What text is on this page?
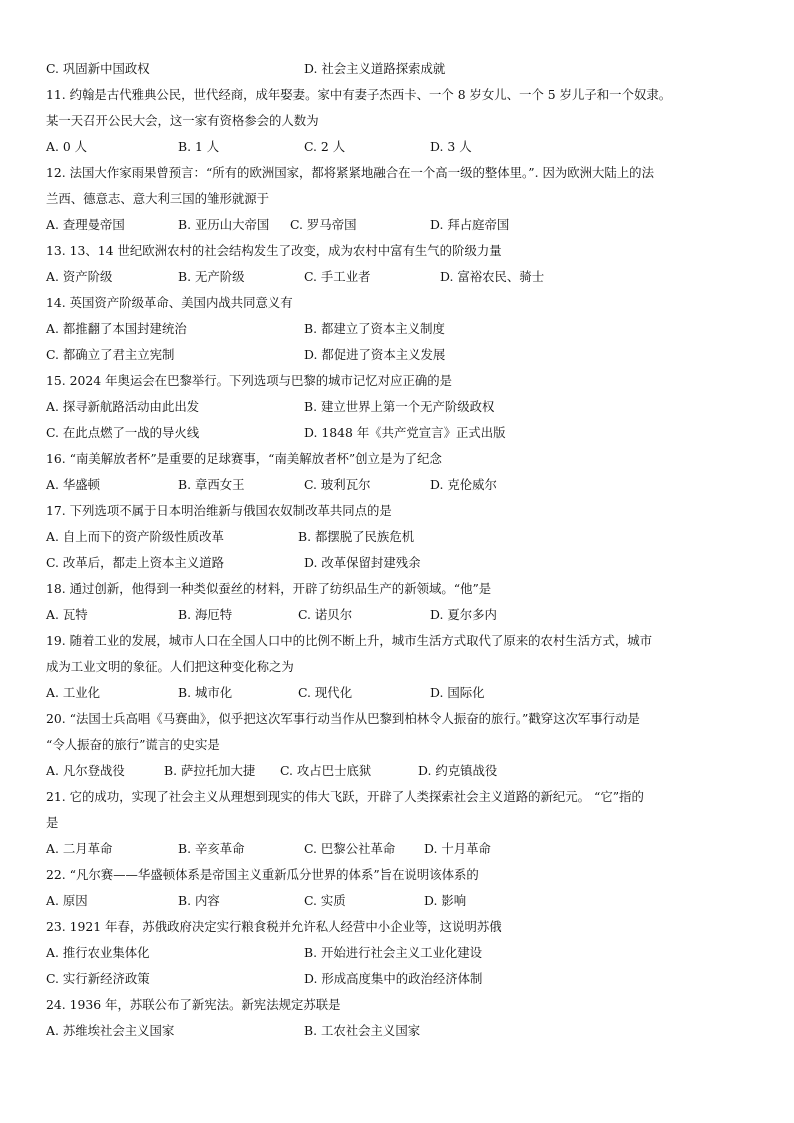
C. 巩固新中国政权	D. 社会主义道路探索成就
11. 约翰是古代雅典公民，世代经商，成年娶妻。家中有妻子杰西卡、一个 8 岁女儿、一个 5 岁儿子和一个奴隶。
某一天召开公民大会，这一家有资格参会的人数为
A. 0 人	B. 1 人	C. 2 人	D. 3 人
12. 法国大作家雨果曾预言：“所有的欧洲国家，都将紧紧地融合在一个高一级的整体里。”. 因为欧洲大陆上的法
兰西、德意志、意大利三国的雏形就源于
A. 查理曼帝国	B. 亚历山大帝国 C. 罗马帝国	D. 拜占庭帝国
13. 13、14 世纪欧洲农村的社会结构发生了改变，成为农村中富有生气的阶级力量
A. 资产阶级	B. 无产阶级	C. 手工业者	D. 富裕农民、骑士
14. 英国资产阶级革命、美国内战共同意义有
A. 都推翻了本国封建统治	B. 都建立了资本主义制度
C. 都确立了君主立宪制	D. 都促进了资本主义发展
15. 2024 年奥运会在巴黎举行。下列选项与巴黎的城市记忆对应正确的是
A. 探寻新航路活动由此出发	B. 建立世界上第一个无产阶级政权
C. 在此点燃了一战的导火线	D. 1848 年《共产党宣言》正式出版
16. “南美解放者杯”是重要的足球赛事，“南美解放者杯”创立是为了纪念
A. 华盛顿	B. 章西女王	C. 玻利瓦尔	D. 克伦威尔
17. 下列选项不属于日本明治维新与俄国农奴制改革共同点的是
A. 自上而下的资产阶级性质改革	B. 都摆脱了民族危机
C. 改革后，都走上资本主义道路	D. 改革保留封建残余
18. 通过创新，他得到一种类似蚕丝的材料，开辟了纺织品生产的新领域。“他”是
A. 瓦特	B. 海厄特	C. 诺贝尔	D. 夏尔多内
19. 随着工业的发展，城市人口在全国人口中的比例不断上升，城市生活方式取代了原来的农村生活方式，城市
成为工业文明的象征。人们把这种变化称之为
A. 工业化	B. 城市化	C. 现代化	D. 国际化
20. “法国士兵高唱《马赛曲》，似乎把这次军事行动当作从巴黎到柏林令人振奋的旅行。”戳穿这次军事行动是
“令人振奋的旅行”谎言的史实是
A. 凡尔登战役	B. 萨拉托加大捷 C. 攻占巴士底狱	D. 约克镇战役
21. 它的成功，实现了社会主义从理想到现实的伟大飞跃，开辟了人类探索社会主义道路的新纪元。 “它”指的
是
A. 二月革命	B. 辛亥革命	C. 巴黎公社革命 D. 十月革命
22. “凡尔赛——华盛顿体系是帝国主义重新瓜分世界的体系”旨在说明该体系的
A. 原因	B. 内容	C. 实质	D. 影响
23. 1921 年春，苏俄政府决定实行粮食税并允许私人经营中小企业等，这说明苏俄
A. 推行农业集体化	B. 开始进行社会主义工业化建设
C. 实行新经济政策	D. 形成高度集中的政治经济体制
24. 1936 年，苏联公布了新宪法。新宪法规定苏联是
A. 苏维埃社会主义国家	B. 工农社会主义国家
